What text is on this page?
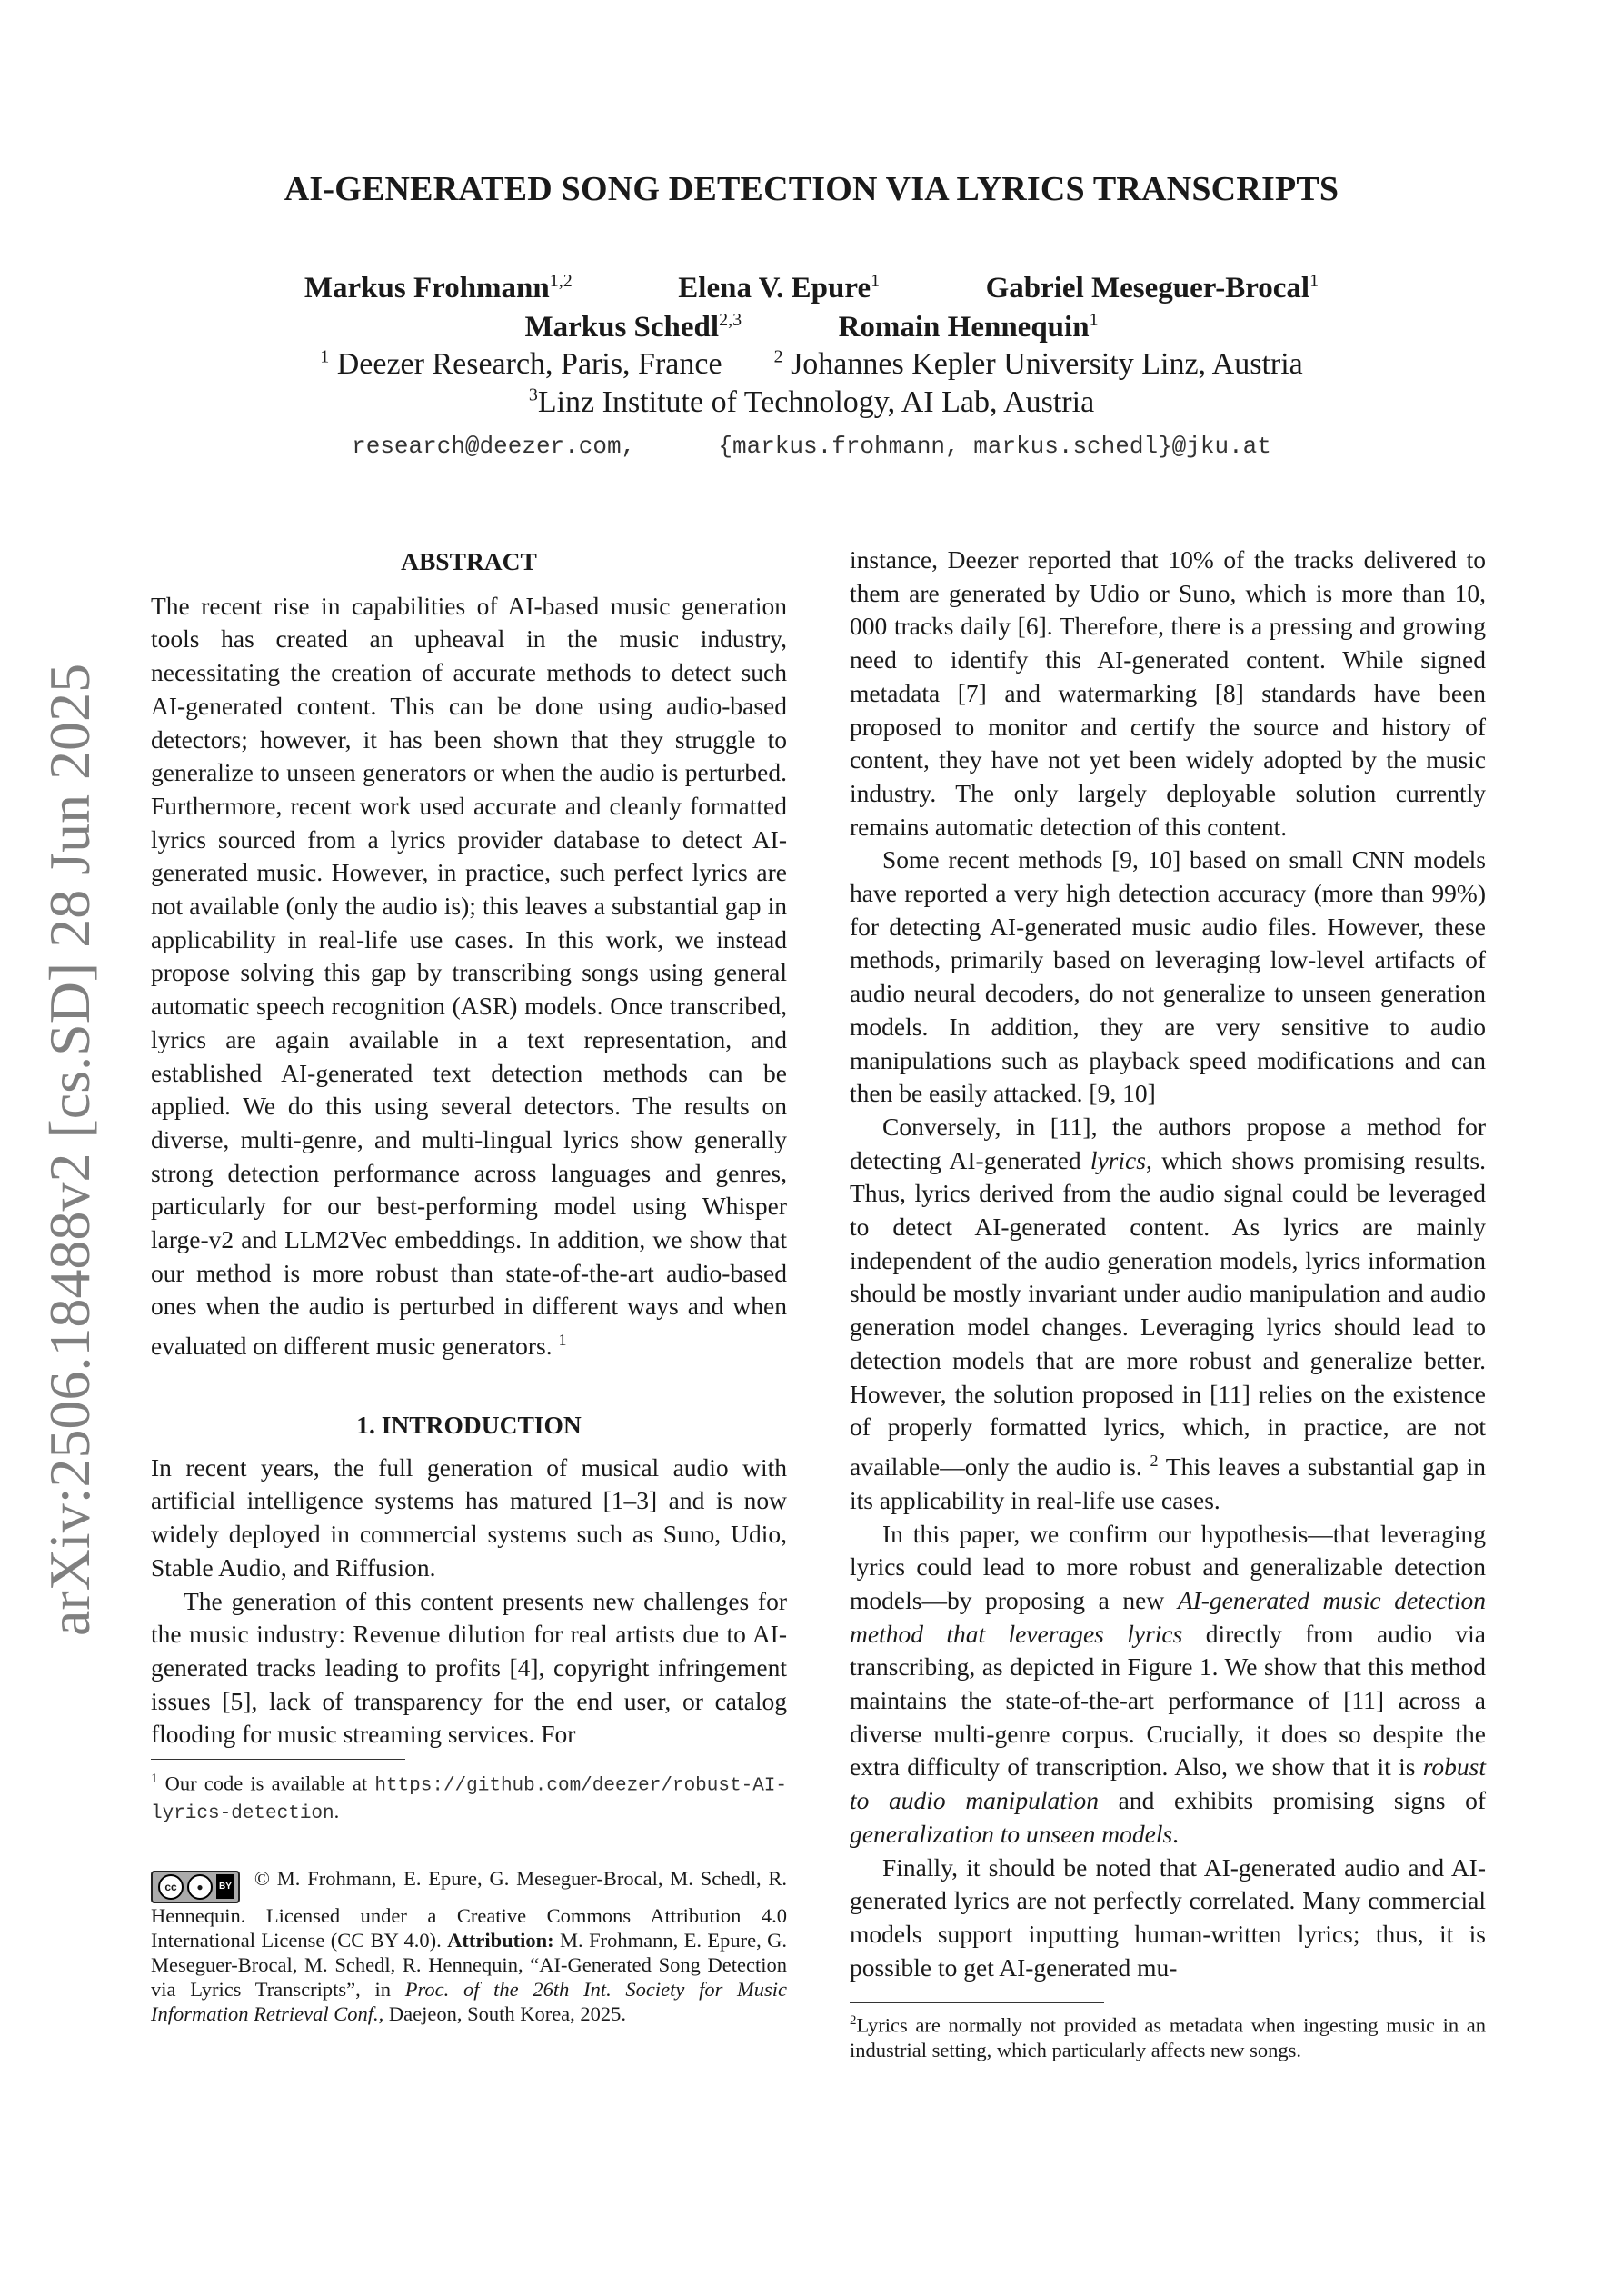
arXiv:2506.18488v2 [cs.SD] 28 Jun 2025
AI-GENERATED SONG DETECTION VIA LYRICS TRANSCRIPTS
Markus Frohmann$^{1,2}$	Elena V. Epure$^1$	Gabriel Meseguer-Brocal$^1$
Markus Schedl$^{2,3}$	Romain Hennequin$^1$
$^1$ Deezer Research, Paris, France	$^2$ Johannes Kepler University Linz, Austria
$^3$Linz Institute of Technology, AI Lab, Austria
research@deezer.com,	{markus.frohmann, markus.schedl}@jku.at

ABSTRACT

The recent rise in capabilities of AI-based music generation tools has created an upheaval in the music industry, necessitating the creation of accurate methods to detect such AI-generated content. This can be done using audio-based detectors; however, it has been shown that they struggle to generalize to unseen generators or when the audio is perturbed. Furthermore, recent work used accurate and cleanly formatted lyrics sourced from a lyrics provider database to detect AI-generated music. However, in practice, such perfect lyrics are not available (only the audio is); this leaves a substantial gap in applicability in real-life use cases. In this work, we instead propose solving this gap by transcribing songs using general automatic speech recognition (ASR) models. Once transcribed, lyrics are again available in a text representation, and established AI-generated text detection methods can be applied. We do this using several detectors. The results on diverse, multi-genre, and multi-lingual lyrics show generally strong detection performance across languages and genres, particularly for our best-performing model using Whisper large-v2 and LLM2Vec embeddings. In addition, we show that our method is more robust than state-of-the-art audio-based ones when the audio is perturbed in different ways and when evaluated on different music generators. $^1$

1. INTRODUCTION

In recent years, the full generation of musical audio with artificial intelligence systems has matured [1–3] and is now widely deployed in commercial systems such as Suno, Udio, Stable Audio, and Riffusion.

The generation of this content presents new challenges for the music industry: Revenue dilution for real artists due to AI-generated tracks leading to profits [4], copyright infringement issues [5], lack of transparency for the end user, or catalog flooding for music streaming services. For

$^1$ Our code is available at https://github.com/deezer/robust-AI-lyrics-detection.

cc	●	BY © M. Frohmann, E. Epure, G. Meseguer-Brocal, M. Schedl, R. Hennequin. Licensed under a Creative Commons Attribution 4.0 International License (CC BY 4.0). Attribution: M. Frohmann, E. Epure, G. Meseguer-Brocal, M. Schedl, R. Hennequin, “AI-Generated Song Detection via Lyrics Transcripts”, in Proc. of the 26th Int. Society for Music Information Retrieval Conf., Daejeon, South Korea, 2025.

instance, Deezer reported that 10% of the tracks delivered to them are generated by Udio or Suno, which is more than 10, 000 tracks daily [6]. Therefore, there is a pressing and growing need to identify this AI-generated content. While signed metadata [7] and watermarking [8] standards have been proposed to monitor and certify the source and history of content, they have not yet been widely adopted by the music industry. The only largely deployable solution currently remains automatic detection of this content.

Some recent methods [9, 10] based on small CNN models have reported a very high detection accuracy (more than 99%) for detecting AI-generated music audio files. However, these methods, primarily based on leveraging low-level artifacts of audio neural decoders, do not generalize to unseen generation models. In addition, they are very sensitive to audio manipulations such as playback speed modifications and can then be easily attacked. [9, 10]

Conversely, in [11], the authors propose a method for detecting AI-generated lyrics, which shows promising results. Thus, lyrics derived from the audio signal could be leveraged to detect AI-generated content. As lyrics are mainly independent of the audio generation models, lyrics information should be mostly invariant under audio manipulation and audio generation model changes. Leveraging lyrics should lead to detection models that are more robust and generalize better. However, the solution proposed in [11] relies on the existence of properly formatted lyrics, which, in practice, are not available—only the audio is. $^2$ This leaves a substantial gap in its applicability in real-life use cases.

In this paper, we confirm our hypothesis—that leveraging lyrics could lead to more robust and generalizable detection models—by proposing a new AI-generated music detection method that leverages lyrics directly from audio via transcribing, as depicted in Figure 1. We show that this method maintains the state-of-the-art performance of [11] across a diverse multi-genre corpus. Crucially, it does so despite the extra difficulty of transcription. Also, we show that it is robust to audio manipulation and exhibits promising signs of generalization to unseen models.

Finally, it should be noted that AI-generated audio and AI-generated lyrics are not perfectly correlated. Many commercial models support inputting human-written lyrics; thus, it is possible to get AI-generated mu-

$^2$Lyrics are normally not provided as metadata when ingesting music in an industrial setting, which particularly affects new songs.
